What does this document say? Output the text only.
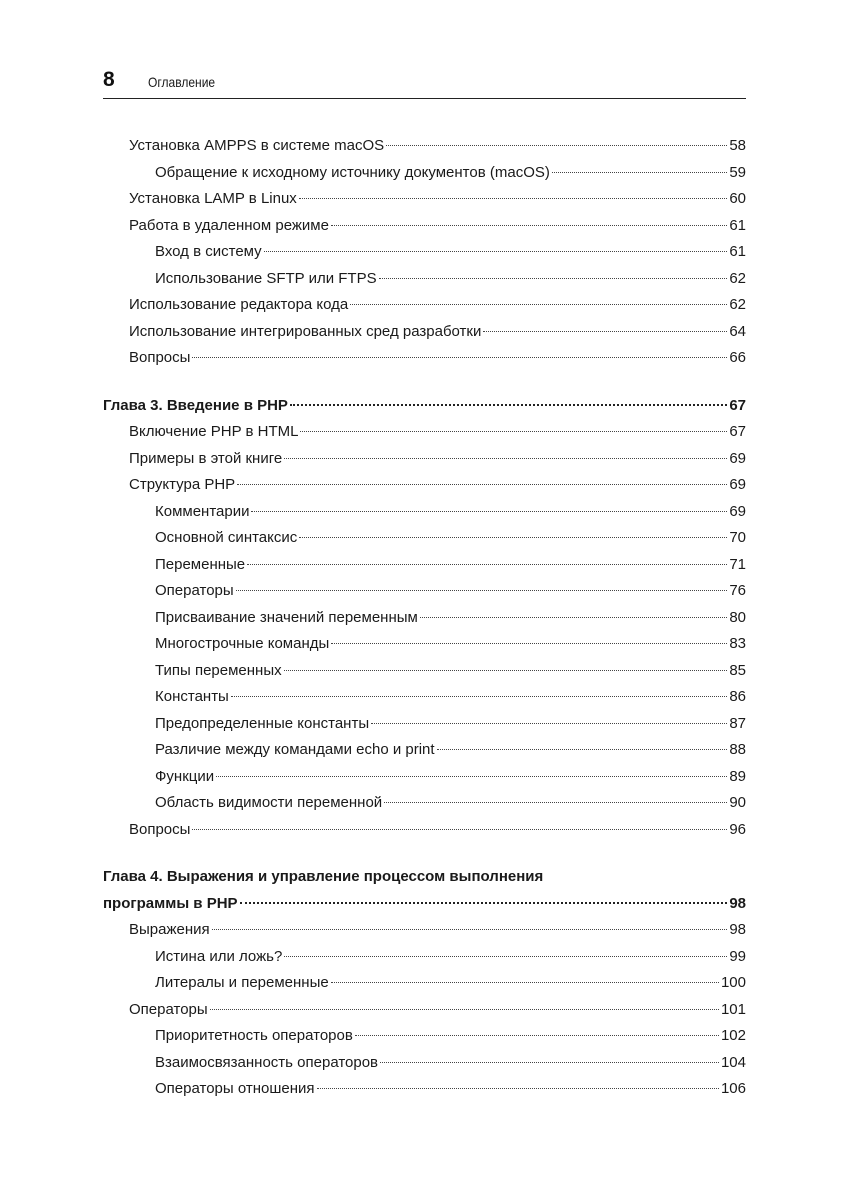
8 Оглавление
Установка AMPPS в системе macOS	58
Обращение к исходному источнику документов (macOS)	59
Установка LAMP в Linux	60
Работа в удаленном режиме	61
Вход в систему	61
Использование SFTP или FTPS	62
Использование редактора кода	62
Использование интегрированных сред разработки	64
Вопросы	66
Глава 3. Введение в PHP	67
Включение PHP в HTML	67
Примеры в этой книге	69
Структура PHP	69
Комментарии	69
Основной синтаксис	70
Переменные	71
Операторы	76
Присваивание значений переменным	80
Многострочные команды	83
Типы переменных	85
Константы	86
Предопределенные константы	87
Различие между командами echo и print	88
Функции	89
Область видимости переменной	90
Вопросы	96
Глава 4. Выражения и управление процессом выполнения
программы в PHP	98
Выражения	98
Истина или ложь?	99
Литералы и переменные	100
Операторы	101
Приоритетность операторов	102
Взаимосвязанность операторов	104
Операторы отношения	106
